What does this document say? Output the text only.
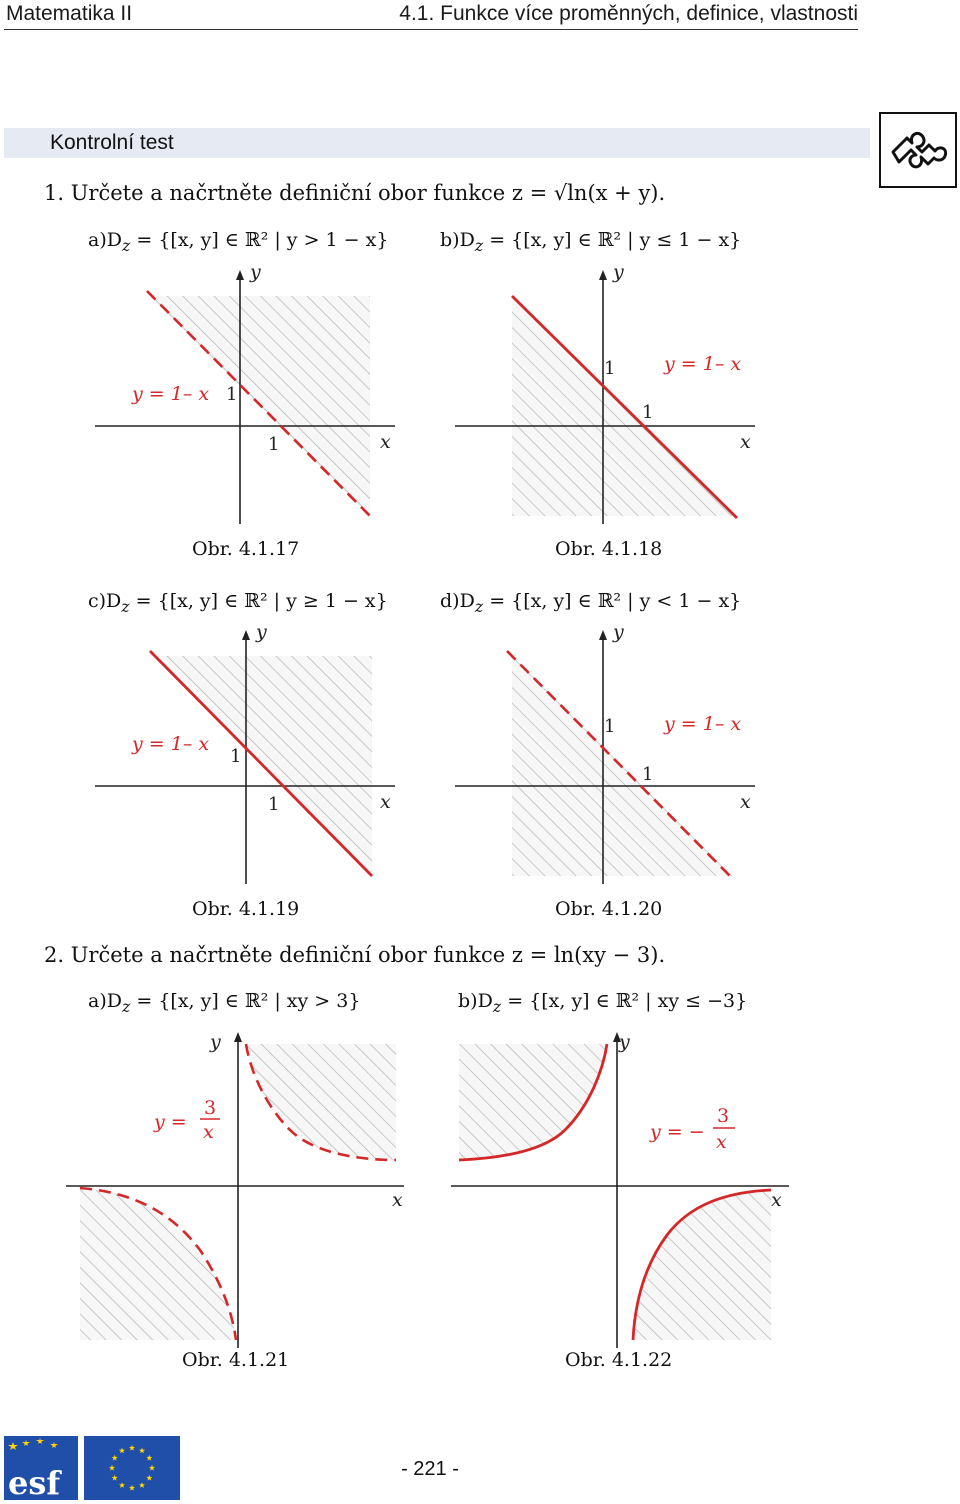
Matematika II	4.1. Funkce více proměnných, definice, vlastnosti
Kontrolní test
1. Určete a načrtněte definiční obor funkce z = √ln(x + y).
$a)D_z = \{[x$, y] ∈ ℝ² | y > 1 − x}	$b)D_z = \{[x$, y] ∈ ℝ² | y ≤ 1 − x}
y
x
1
1
y = 1– x
Obr. 4.1.17
y
x
1
1
y = 1– x
Obr. 4.1.18
$c)D_z = \{[x$, y] ∈ ℝ² | y ≥ 1 − x}	$d)D_z = \{[x$, y] ∈ ℝ² | y < 1 − x}
y
x
1
1
y = 1– x
Obr. 4.1.19
y
x
1
1
y = 1– x
Obr. 4.1.20
2. Určete a načrtněte definiční obor funkce z = ln(xy − 3).
$a)D_z = \{[x$, y] ∈ ℝ² | xy > 3}	$b)D_z = \{[x$, y] ∈ ℝ² | xy ≤ −3}
y
x
y =
3
x
Obr. 4.1.21
y
x
y = −
3
x
Obr. 4.1.22
esf	- 221 -
